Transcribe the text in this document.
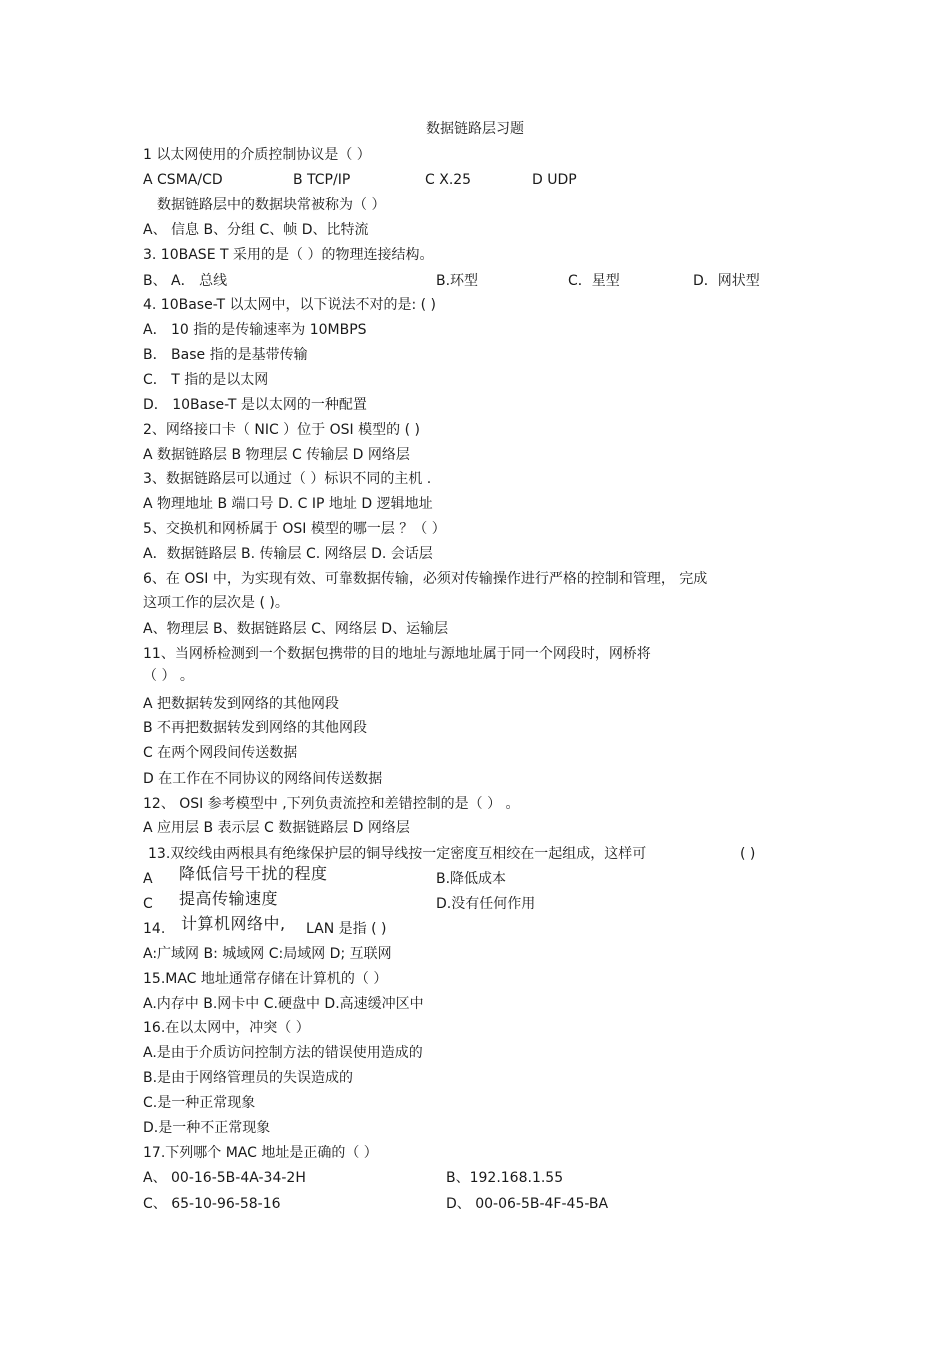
数据链路层习题
1 以太网使用的介质控制协议是（ ）
A CSMA/CD	B TCP/IP	C X.25	D UDP
数据链路层中的数据块常被称为（ ）
A、 信息 B、分组 C、帧 D、比特流
3. 10BASE T 采用的是（ ）的物理连接结构。
B、 A． 总线	B.环型	C．星型	D．网状型
4. 10Base-T 以太网中，以下说法不对的是: ( )
A． 10 指的是传输速率为 10MBPS
B． Base 指的是基带传输
C． T 指的是以太网
D． 10Base-T 是以太网的一种配置
2、网络接口卡（ NIC ）位于 OSI 模型的 ( )
A 数据链路层 B 物理层 C 传输层 D 网络层
3、数据链路层可以通过（ ）标识不同的主机 .
A 物理地址 B 端口号 D. C IP 地址 D 逻辑地址
5、交换机和网桥属于 OSI 模型的哪一层 ？（ ）
A．数据链路层 B. 传输层 C. 网络层 D. 会话层
6、在 OSI 中，为实现有效、可靠数据传输，必须对传输操作进行严格的控制和管理， 完成
这项工作的层次是 ( )。
A、物理层 B、数据链路层 C、网络层 D、运输层
11、当网桥检测到一个数据包携带的目的地址与源地址属于同一个网段时，网桥将
（ ） 。
A 把数据转发到网络的其他网段
B 不再把数据转发到网络的其他网段
C 在两个网段间传送数据
D 在工作在不同协议的网络间传送数据
12、 OSI 参考模型中 ,下列负责流控和差错控制的是（ ） 。
A 应用层 B 表示层 C 数据链路层 D 网络层
13.双绞线由两根具有绝缘保护层的铜导线按一定密度互相绞在一起组成，这样可	( )
A 降低信号干扰的程度	B.降低成本
C 提高传输速度	D.没有任何作用
14. 计算机网络中, LAN 是指 ( )
A:广域网 B: 城域网 C:局域网 D; 互联网
15.MAC 地址通常存储在计算机的（ ）
A.内存中 B.网卡中 C.硬盘中 D.高速缓冲区中
16.在以太网中，冲突（ ）
A.是由于介质访问控制方法的错误使用造成的
B.是由于网络管理员的失误造成的
C.是一种正常现象
D.是一种不正常现象
17.下列哪个 MAC 地址是正确的（ ）
A、 00-16-5B-4A-34-2H	B、192.168.1.55
C、 65-10-96-58-16	D、 00-06-5B-4F-45-BA
